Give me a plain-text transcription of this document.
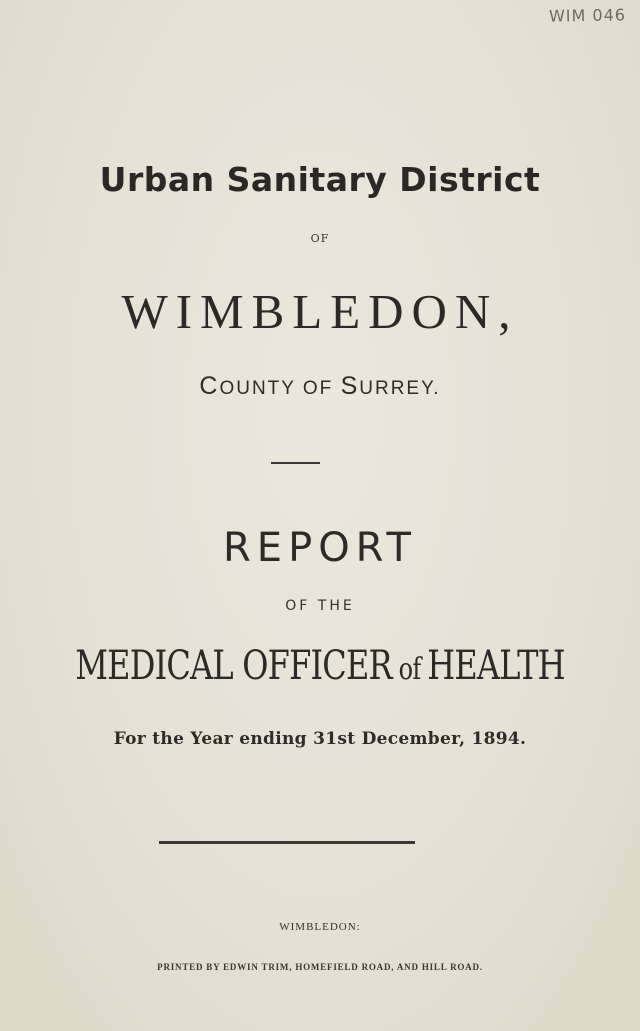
WIM 046
Urban Sanitary District
OF
WIMBLEDON,
COUNTY OF SURREY.
REPORT
OF THE
MEDICAL OFFICER of HEALTH
For the Year ending 31st December, 1894.
WIMBLEDON:
PRINTED BY EDWIN TRIM, HOMEFIELD ROAD, AND HILL ROAD.
